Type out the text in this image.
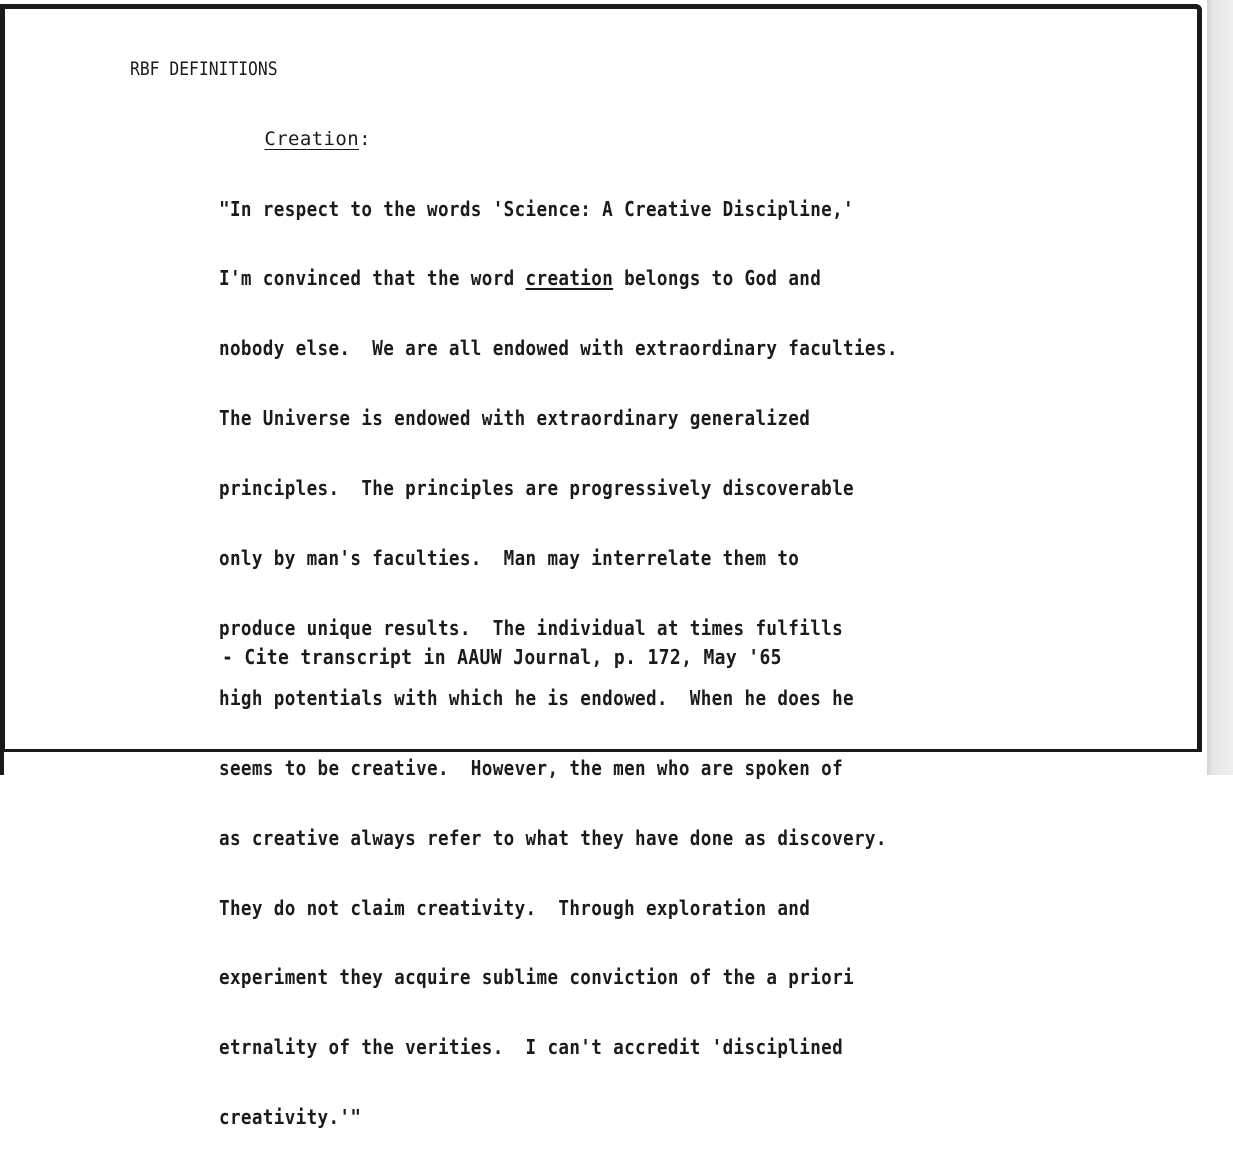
RBF DEFINITIONS

Creation:

"In respect to the words 'Science: A Creative Discipline,'

I'm convinced that the word creation belongs to God and

nobody else.  We are all endowed with extraordinary faculties.

The Universe is endowed with extraordinary generalized

principles.  The principles are progressively discoverable

only by man's faculties.  Man may interrelate them to

produce unique results.  The individual at times fulfills

high potentials with which he is endowed.  When he does he

seems to be creative.  However, the men who are spoken of

as creative always refer to what they have done as discovery.

They do not claim creativity.  Through exploration and

experiment they acquire sublime conviction of the a priori

etrnality of the verities.  I can't accredit 'disciplined

creativity.'"

- Cite transcript in AAUW Journal, p. 172, May '65
